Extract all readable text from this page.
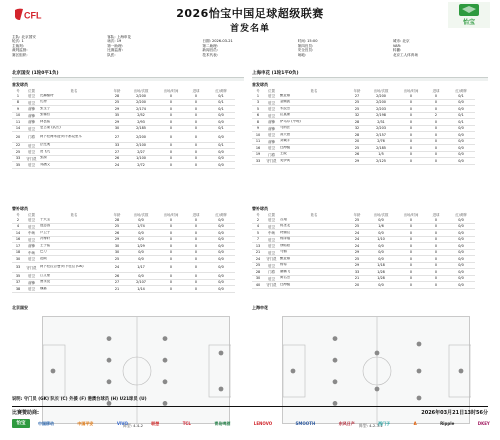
CFL	2026怡宝中国足球超级联赛
首发名单
怡宝
主队: 北京国安	客队: 上海申花
轮次: 1	场次: 19	日期: 2026-03-21	时间: 15:00	城市: 北京
主裁判:	第一助理:	第二助理:	第四官员:	VAR:
裁判监督:	比赛监督:	新闻官员:	安全官员:	转播:
赛区组织:	队医:	技术代表:	场地:	北京工人体育场
北京国安 (1轮0平1负)	上海申花 (1轮1平0负)
首发球员	首发球员
替补球员	替补球员
号	位置	姓名	年龄	出场/次数	出场/时间	进球	红/黄牌
1	后卫	比赫酷特	28	2/200	0	0	0/1
8	后卫	孔特	25	2/200	0	0	0/1
9	前锋	张玉宁	29	2/174	0	0	0/1
10	前锋	张稀哲	35	2/52	0	0	0/0
11	前锋	林良铭	29	2/93	0	0	0/0
14	后卫	恩古莱 (队长)	30	2/185	0	0	0/1
20	门将	阿卜杜海米提·阿不都克里木	27	2/200	0	0	0/0
22	后卫	法比奥	33	2/100	0	0	0/1
25	后卫	贾飞凡	27	2/27	0	0	0/0
33	守门员	张源	26	1/100	0	0	0/0
35	后卫	邓涵文	24	2/72	0	0	0/0
号	位置	姓名	年龄	出场/次数	出场/时间	进球	红/黄牌
1	后卫	鲍亚雄	27	2/200	0	0	0/1
3	后卫	金顺凯	25	2/200	0	0	0/0
5	后卫	朱辰杰	25	2/203	0	0	0/0
6	后卫	拉莫斯	32	2/198	0	2	0/1
8	前锋	萨乌尔 (中场)	28	2/31	0	0	0/1
9	前锋	马纳法	32	2/203	0	0	0/0
10	后卫	高天意	28	2/157	0	0	0/0
11	前锋	刘诚宇	20	2/76	0	0	0/0
16	后卫	汪海健	25	2/185	0	0	0/0
19	门将	王政	26	1/5	0	0	0/0
33	守门员	吴伊寅	29	2/125	0	0	0/0
号	位置	姓名	年龄	出场/次数	出场/时间	进球	红/黄牌
2	后卫	于大宝	28	0/0	0	0	0/0
4	后卫	池忠国	25	1/74	0	0	0/0
14	中场	卢卫子	26	0/0	0	0	0/0
16	后卫	冯博轩	29	0/0	0	0	0/0
17	前锋	王子铭	30	1/29	0	0	0/0
18	中场	巴力	30	0/0	0	0	0/0
30	后卫	范硕	25	0/0	0	0	0/0
33	守门员	阿卜杜拉合曼·阿卜杜拉 (GK)	24	1/17	0	0	0/0
35	后卫	江文豪	26	0/0	0	0	0/0
37	前锋	曹永竞	27	2/107	0	0	0/0
38	后卫	魏嘉	21	1/14	0	0	0/0
号	位置	姓名	年龄	出场/次数	出场/时间	进球	红/黄牌
2	后卫	吉翔	25	0/0	0	0	0/0
4	后卫	蒋圣龙	25	1/6	0	0	0/0
5	中场	特谢拉	24	0/0	0	0	0/0
7	后卫	杨泽翔	24	1/10	0	0	0/0
13	后卫	徐皓阳	24	0/0	0	0	0/0
21	后卫	马镇	29	0/0	0	0	0/0
24	守门员	鲍亚雄	25	0/0	0	0	0/0
25	后卫	杨希	29	1/18	0	0	0/0
28	门将	谢鹏飞	33	1/28	0	0	0/0
30	后卫	黄名杰	21	1/28	0	0	0/0
40	守门员	汪海健	20	0/0	0	0	0/0
北京国安	上海申花
阵型: 4-4-2	阵型: 4-2-3-1
说明: 守门员 (GK) 队长 (C) 外援 (F) 港澳台球员 (H) U21球员 (U)
比赛赞助商:	2026年03月21日13时56分
怡宝	中国移动	中国平安	VIVO	联想	TCL	青岛啤酒	LENOVO	SMOOTH	东风日产	西门子	A	Ripple	DKEY
